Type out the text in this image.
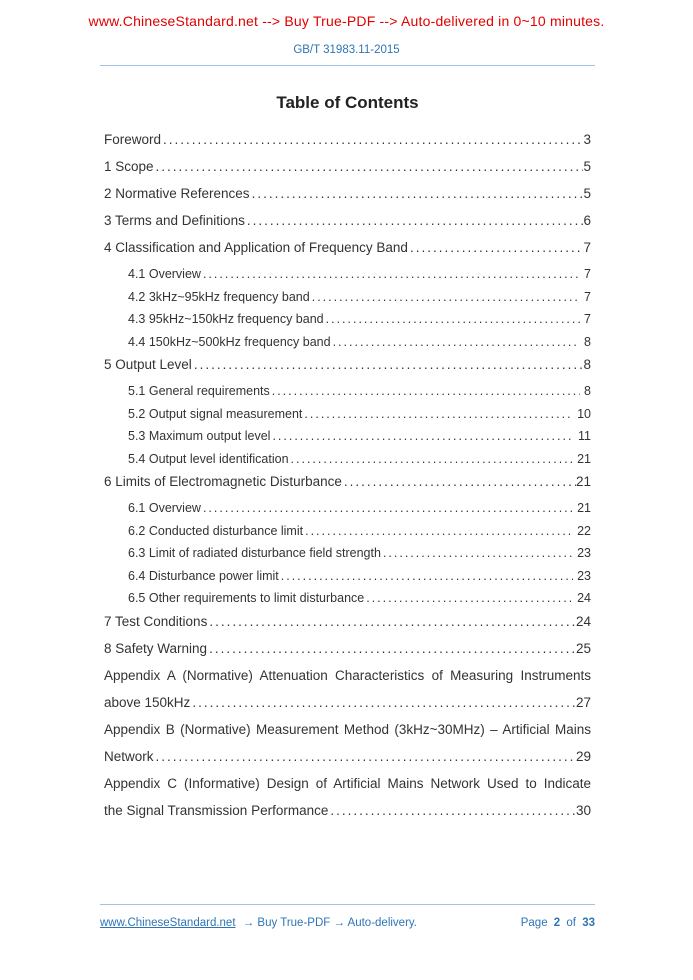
www.ChineseStandard.net --> Buy True-PDF --> Auto-delivered in 0~10 minutes.
GB/T 31983.11-2015
Table of Contents
Foreword .....	3
1 Scope .....	5
2 Normative References .....	5
3 Terms and Definitions .....	6
4 Classification and Application of Frequency Band .....	7
4.1 Overview .....	7
4.2 3kHz~95kHz frequency band .....	7
4.3 95kHz~150kHz frequency band .....	7
4.4 150kHz~500kHz frequency band .....	8
5 Output Level .....	8
5.1 General requirements .....	8
5.2 Output signal measurement .....	10
5.3 Maximum output level .....	11
5.4 Output level identification .....	21
6 Limits of Electromagnetic Disturbance .....	21
6.1 Overview .....	21
6.2 Conducted disturbance limit .....	22
6.3 Limit of radiated disturbance field strength .....	23
6.4 Disturbance power limit .....	23
6.5 Other requirements to limit disturbance .....	24
7 Test Conditions .....	24
8 Safety Warning .....	25
Appendix A (Normative) Attenuation Characteristics of Measuring Instruments
above 150kHz .....	27
Appendix B (Normative) Measurement Method (3kHz~30MHz) – Artificial Mains
Network .....	29
Appendix C (Informative) Design of Artificial Mains Network Used to Indicate
the Signal Transmission Performance .....	30
www.ChineseStandard.net → Buy True-PDF → Auto-delivery.	Page 2 of 33
